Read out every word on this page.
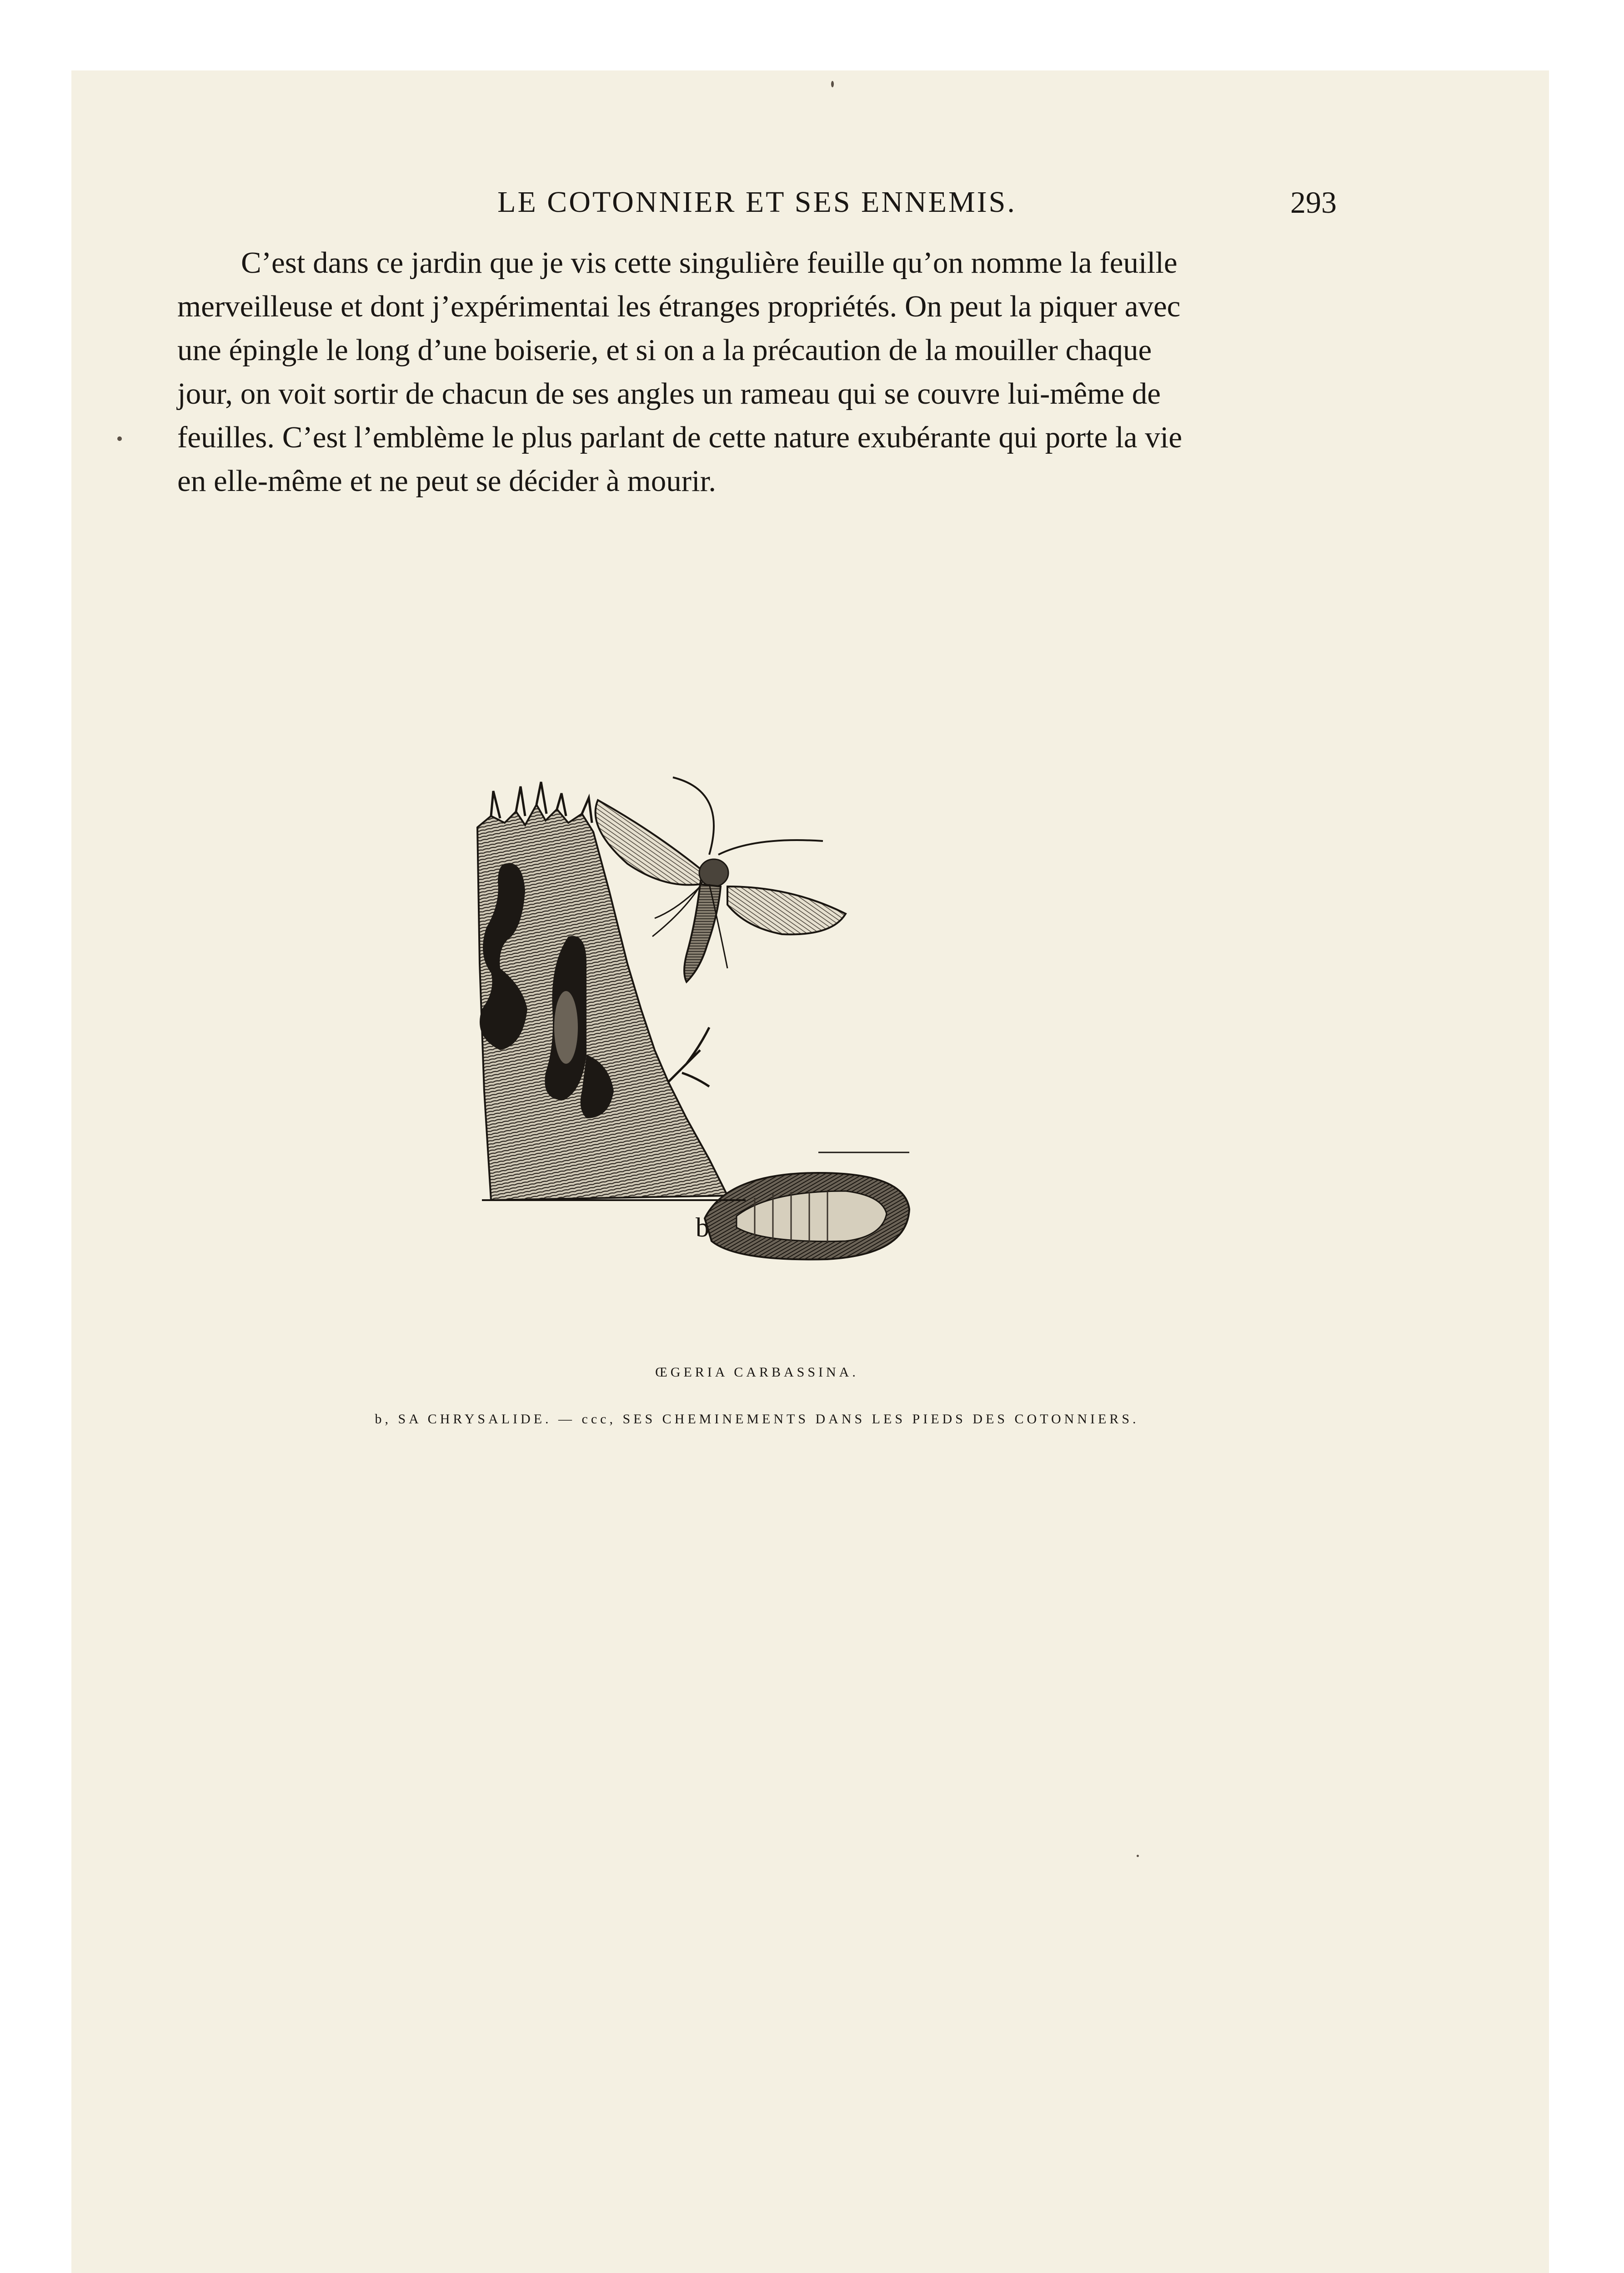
LE COTONNIER ET SES ENNEMIS.	293
C’est dans ce jardin que je vis cette singulière feuille qu’on nomme la feuille
merveilleuse et dont j’expérimentai les étranges propriétés. On peut la piquer avec
une épingle le long d’une boiserie, et si on a la précaution de la mouiller chaque
jour, on voit sortir de chacun de ses angles un rameau qui se couvre lui-même de
feuilles. C’est l’emblème le plus parlant de cette nature exubérante qui porte la vie
en elle-même et ne peut se décider à mourir.
b
ŒGERIA CARBASSINA.
b, SA CHRYSALIDE. — ccc, SES CHEMINEMENTS DANS LES PIEDS DES COTONNIERS.
